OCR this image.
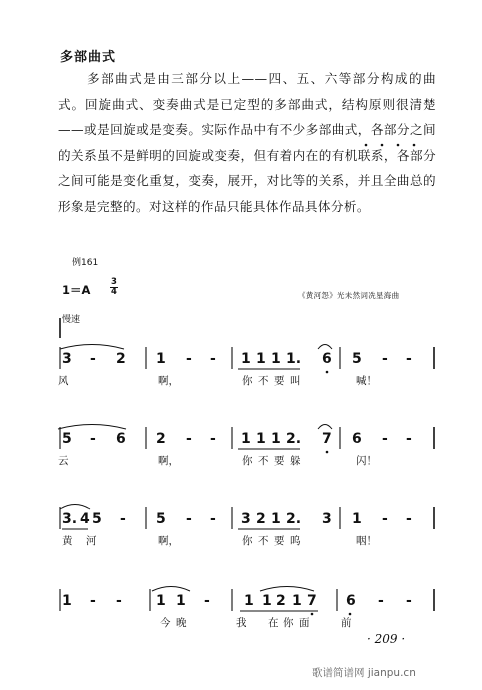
多部曲式
多部曲式是由三部分以上——四、五、六等部分构成的曲式。回旋曲式、变奏曲式是已定型的多部曲式，结构原则很清楚——或是回旋或是变奏。实际作品中有不少多部曲式，各部分之间的关系虽不是鲜明的回旋或变奏，但有着内在的有机联系，各部分之间可能是变化重复，变奏，展开，对比等的关系，并且全曲总的形象是完整的。对这样的作品只能具体作品具体分析。
例161
1＝A
3
4	《黄河怨》光未然词冼星海曲
慢速
3 - 2 1 - - 1 1 1 1. 6 5 - -
风	啊，	你 不 要 叫	喊！
5 - 6 2 - - 1 1 1 2. 7 6 - -
云	啊，	你 不 要 躲	闪！
3. 4 5 - 5 - - 3 2 1 2. 3 1 - -
黄 河	啊，	你 不 要 呜	咽！
1 - - 1 1 - 1 1 2 1 7 6 - -
今 晚	我 在 你 面	前
· 209 ·
歌谱简谱网 jianpu.cn
